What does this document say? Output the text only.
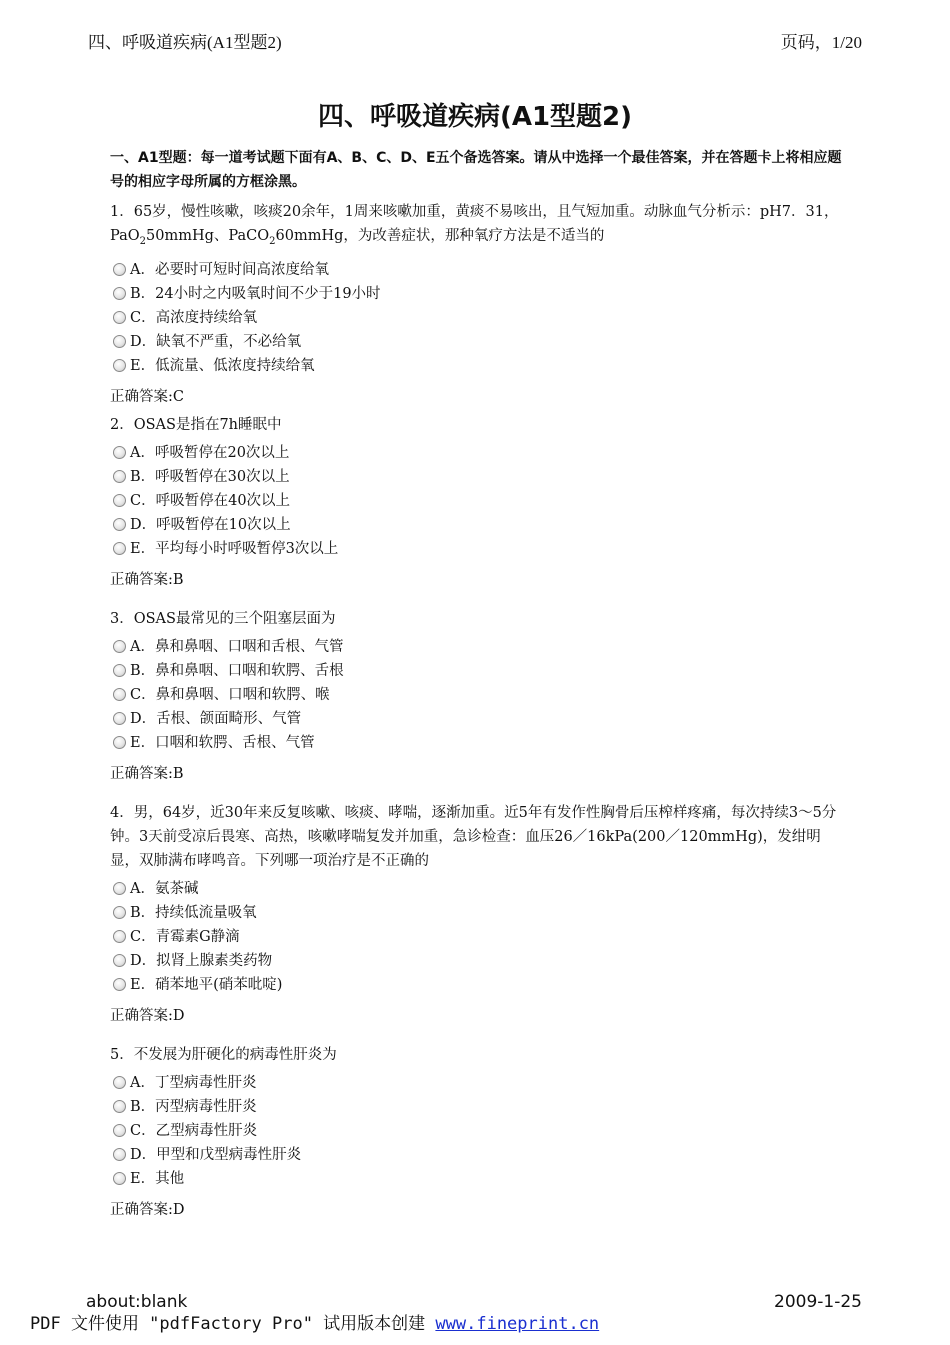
四、呼吸道疾病(A1型题2)	页码，1/20
四、呼吸道疾病(A1型题2)
一、A1型题：每一道考试题下面有A、B、C、D、E五个备选答案。请从中选择一个最佳答案，并在答题卡上将相应题号的相应字母所属的方框涂黑。
1．65岁，慢性咳嗽，咳痰20余年，1周来咳嗽加重，黄痰不易咳出，且气短加重。动脉血气分析示：pH7．31，PaO$_2$50mmHg、PaCO$_2$60mmHg，为改善症状，那种氧疗方法是不适当的
A．必要时可短时间高浓度给氧
B．24小时之内吸氧时间不少于19小时
C．高浓度持续给氧
D．缺氧不严重，不必给氧
E．低流量、低浓度持续给氧
正确答案:C
2．OSAS是指在7h睡眠中
A．呼吸暂停在20次以上
B．呼吸暂停在30次以上
C．呼吸暂停在40次以上
D．呼吸暂停在10次以上
E．平均每小时呼吸暂停3次以上
正确答案:B
3．OSAS最常见的三个阻塞层面为
A．鼻和鼻咽、口咽和舌根、气管
B．鼻和鼻咽、口咽和软腭、舌根
C．鼻和鼻咽、口咽和软腭、喉
D．舌根、颌面畸形、气管
E．口咽和软腭、舌根、气管
正确答案:B
4．男，64岁，近30年来反复咳嗽、咳痰、哮喘，逐渐加重。近5年有发作性胸骨后压榨样疼痛，每次持续3～5分钟。3天前受凉后畏寒、高热，咳嗽哮喘复发并加重，急诊检查：血压26／16kPa(200／120mmHg)，发绀明显，双肺满布哮鸣音。下列哪一项治疗是不正确的
A．氨茶碱
B．持续低流量吸氧
C．青霉素G静滴
D．拟肾上腺素类药物
E．硝苯地平(硝苯吡啶)
正确答案:D
5．不发展为肝硬化的病毒性肝炎为
A．丁型病毒性肝炎
B．丙型病毒性肝炎
C．乙型病毒性肝炎
D．甲型和戊型病毒性肝炎
E．其他
正确答案:D
about:blank	2009-1-25
PDF 文件使用 "pdfFactory Pro" 试用版本创建 www.fineprint.cn
